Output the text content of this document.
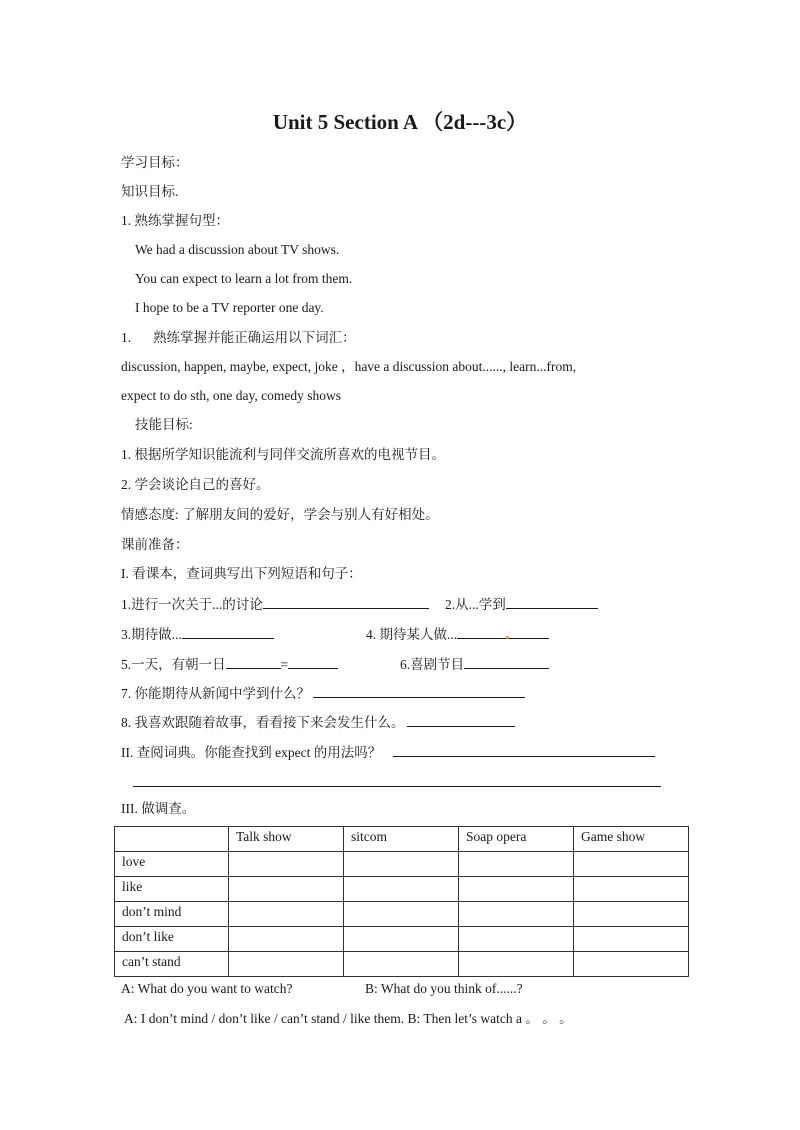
Unit 5 Section A （2d---3c）
学习目标：
知识目标.
1. 熟练掌握句型：
We had a discussion about TV shows.
You can expect to learn a lot from them.
I hope to be a TV reporter one day.
1. 熟练掌握并能正确运用以下词汇：
discussion, happen, maybe, expect, joke ，have a discussion about......, learn...from,
expect to do sth, one day, comedy shows
技能目标:
1. 根据所学知识能流利与同伴交流所喜欢的电视节目。
2. 学会谈论自己的喜好。
情感态度: 了解朋友间的爱好，学会与别人有好相处。
课前准备：
I. 看课本，查词典写出下列短语和句子：
1.进行一次关于...的讨论	2.从...学到
3.期待做...	4. 期待某人做...
5.一天，有朝一日	=	6.喜剧节目
7. 你能期待从新闻中学到什么？
8. 我喜欢跟随着故事，看看接下来会发生什么。
II. 查阅词典。你能查找到 expect 的用法吗？
III. 做调查。
	Talk show	sitcom	Soap opera	Game show
love				
like				
don’t mind				
don’t like				
can’t stand				
A: What do you want to watch?	B: What do you think of......?
A: I don’t mind / don’t like / can’t stand / like them. B: Then let’s watch a 。 。 。
